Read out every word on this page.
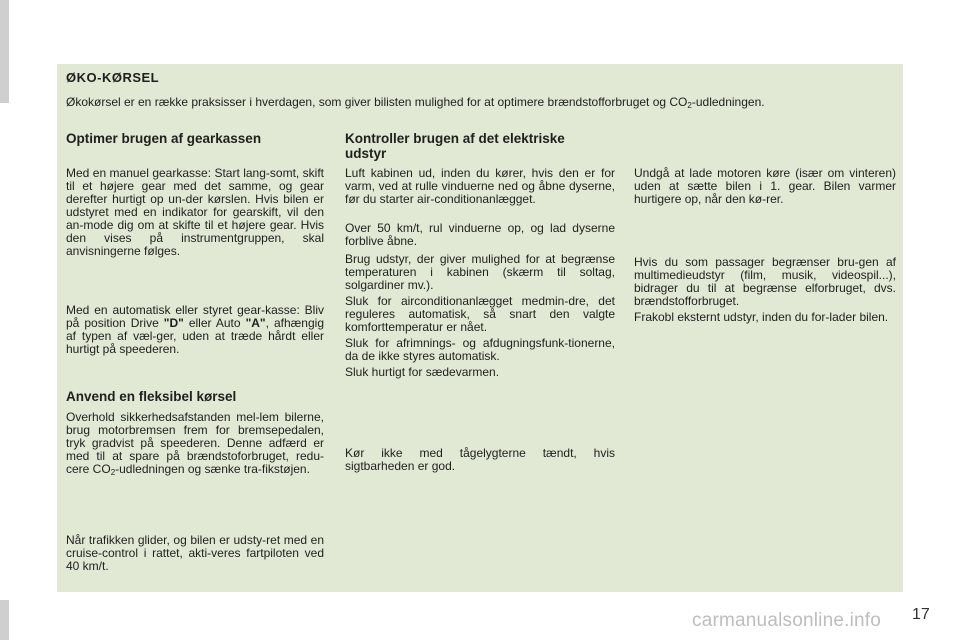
ØKO-KØRSEL
Økokørsel er en række praksisser i hverdagen, som giver bilisten mulighed for at optimere brændstofforbruget og $CO_2$-udledningen.
Optimer brugen af gearkassen

Med en manuel gearkasse: Start lang-somt, skift til et højere gear med det samme, og gear derefter hurtigt op un-der kørslen. Hvis bilen er udstyret med en indikator for gearskift, vil den an-mode dig om at skifte til et højere gear. Hvis den vises på instrumentgruppen, skal anvisningerne følges.

Med en automatisk eller styret gear-kasse: Bliv på position Drive "D" eller Auto "A", afhængig af typen af væl-ger, uden at træde hårdt eller hurtigt på speederen.

Anvend en fleksibel kørsel

Overhold sikkerhedsafstanden mel-lem bilerne, brug motorbremsen frem for bremsepedalen, tryk gradvist på speederen. Denne adfærd er med til at spare på brændstoforbruget, redu-cere $CO_2$-udledningen og sænke tra-fikstøjen.

Når trafikken glider, og bilen er udsty-ret med en cruise-control i rattet, akti-veres fartpiloten ved 40 km/t.

Kontroller brugen af det elektriske udstyr

Luft kabinen ud, inden du kører, hvis den er for varm, ved at rulle vinduerne ned og åbne dyserne, før du starter air-conditionanlægget.

Over 50 km/t, rul vinduerne op, og lad dyserne forblive åbne.

Brug udstyr, der giver mulighed for at begrænse temperaturen i kabinen (skærm til soltag, solgardiner mv.).

Sluk for airconditionanlægget medmin-dre, det reguleres automatisk, så snart den valgte komforttemperatur er nået.

Sluk for afrimnings- og afdugningsfunk-tionerne, da de ikke styres automatisk.

Sluk hurtigt for sædevarmen.

Kør ikke med tågelygterne tændt, hvis sigtbarheden er god.

Undgå at lade motoren køre (især om vinteren) uden at sætte bilen i 1. gear. Bilen varmer hurtigere op, når den kø-rer.

Hvis du som passager begrænser bru-gen af multimedieudstyr (film, musik, videospil...), bidrager du til at begrænse elforbruget, dvs. brændstofforbruget.

Frakobl eksternt udstyr, inden du for-lader bilen.

carmanualsonline.info 17
